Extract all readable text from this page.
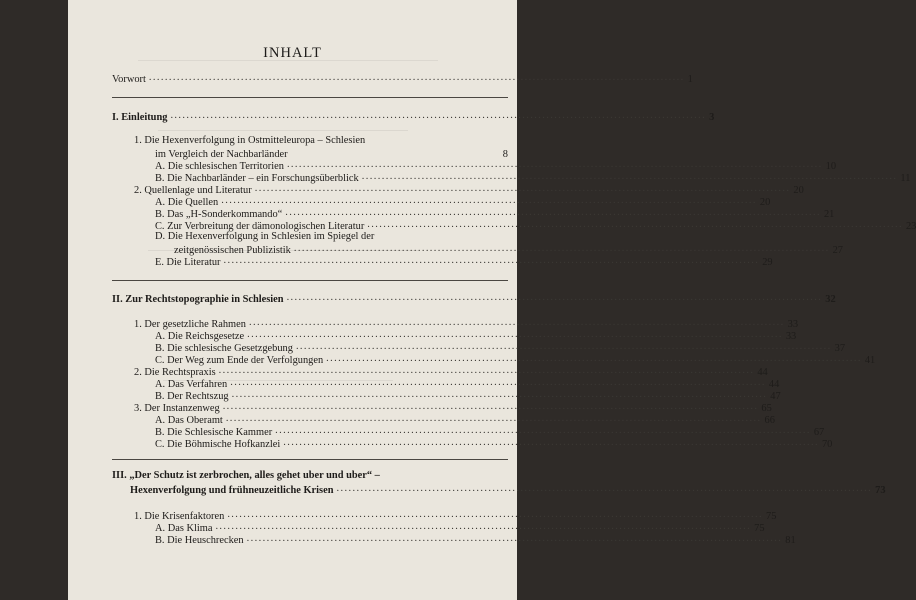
INHALT
Vorwort ...................................................................................................................................... 1
I. Einleitung ...................................................................................................................................... 3
1. Die Hexenverfolgung in Ostmitteleuropa – Schlesien
im Vergleich der Nachbarländer	8
A. Die schlesischen Territorien ...................................................................................................................................... 10
B. Die Nachbarländer – ein Forschungsüberblick ...................................................................................................................................... 11
2. Quellenlage und Literatur ...................................................................................................................................... 20
A. Die Quellen ...................................................................................................................................... 20
B. Das „H-Sonderkommando“ ...................................................................................................................................... 21
C. Zur Verbreitung der dämonologischen Literatur ...................................................................................................................................... 23
D. Die Hexenverfolgung in Schlesien im Spiegel der
zeitgenössischen Publizistik ...................................................................................................................................... 27
E. Die Literatur ...................................................................................................................................... 29
II. Zur Rechtstopographie in Schlesien ...................................................................................................................................... 32
1. Der gesetzliche Rahmen ...................................................................................................................................... 33
A. Die Reichsgesetze ...................................................................................................................................... 33
B. Die schlesische Gesetzgebung ...................................................................................................................................... 37
C. Der Weg zum Ende der Verfolgungen ...................................................................................................................................... 41
2. Die Rechtspraxis ...................................................................................................................................... 44
A. Das Verfahren ...................................................................................................................................... 44
B. Der Rechtszug ...................................................................................................................................... 47
3. Der Instanzenweg ...................................................................................................................................... 65
A. Das Oberamt ...................................................................................................................................... 66
B. Die Schlesische Kammer ...................................................................................................................................... 67
C. Die Böhmische Hofkanzlei ...................................................................................................................................... 70
III. „Der Schutz ist zerbrochen, alles gehet uber und uber“ –
Hexenverfolgung und frühneuzeitliche Krisen ...................................................................................................................................... 73
1. Die Krisenfaktoren ...................................................................................................................................... 75
A. Das Klima ...................................................................................................................................... 75
B. Die Heuschrecken ...................................................................................................................................... 81
